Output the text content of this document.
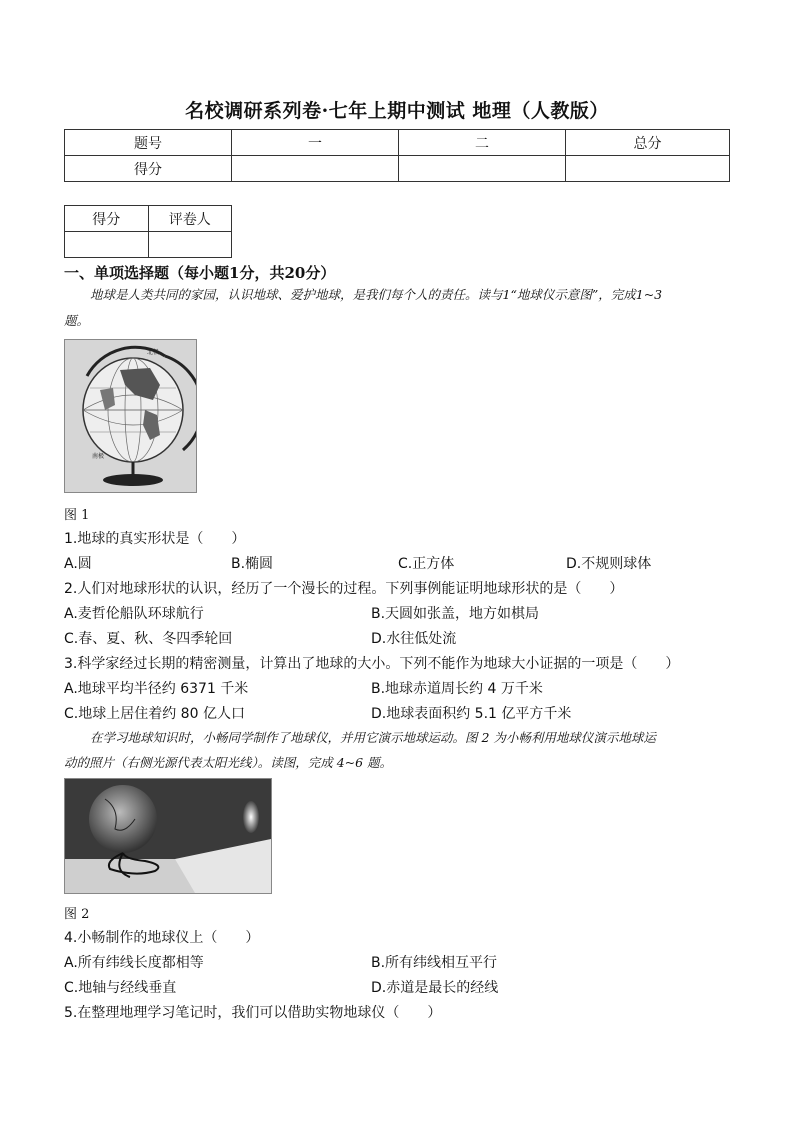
名校调研系列卷·七年上期中测试 地理（人教版）
题号	一	二	总分
得分			
得分	评卷人

一、单项选择题（每小题1分，共20分）
地球是人类共同的家园，认识地球、爱护地球，是我们每个人的责任。读与1“地球仪示意图”，完成1~3
题。
北极
南极
图 1
1.地球的真实形状是（　　）
A.圆	B.椭圆	C.正方体	D.不规则球体
2.人们对地球形状的认识，经历了一个漫长的过程。下列事例能证明地球形状的是（　　）
A.麦哲伦船队环球航行	B.天圆如张盖，地方如棋局
C.春、夏、秋、冬四季轮回	D.水往低处流
3.科学家经过长期的精密测量，计算出了地球的大小。下列不能作为地球大小证据的一项是（　　）
A.地球平均半径约 6371 千米	B.地球赤道周长约 4 万千米
C.地球上居住着约 80 亿人口	D.地球表面积约 5.1 亿平方千米
在学习地球知识时，小畅同学制作了地球仪，并用它演示地球运动。图 2 为小畅利用地球仪演示地球运
动的照片（右侧光源代表太阳光线）。读图，完成 4~6 题。
图 2
4.小畅制作的地球仪上（　　）
A.所有纬线长度都相等	B.所有纬线相互平行
C.地轴与经线垂直	D.赤道是最长的经线
5.在整理地理学习笔记时，我们可以借助实物地球仪（　　）
